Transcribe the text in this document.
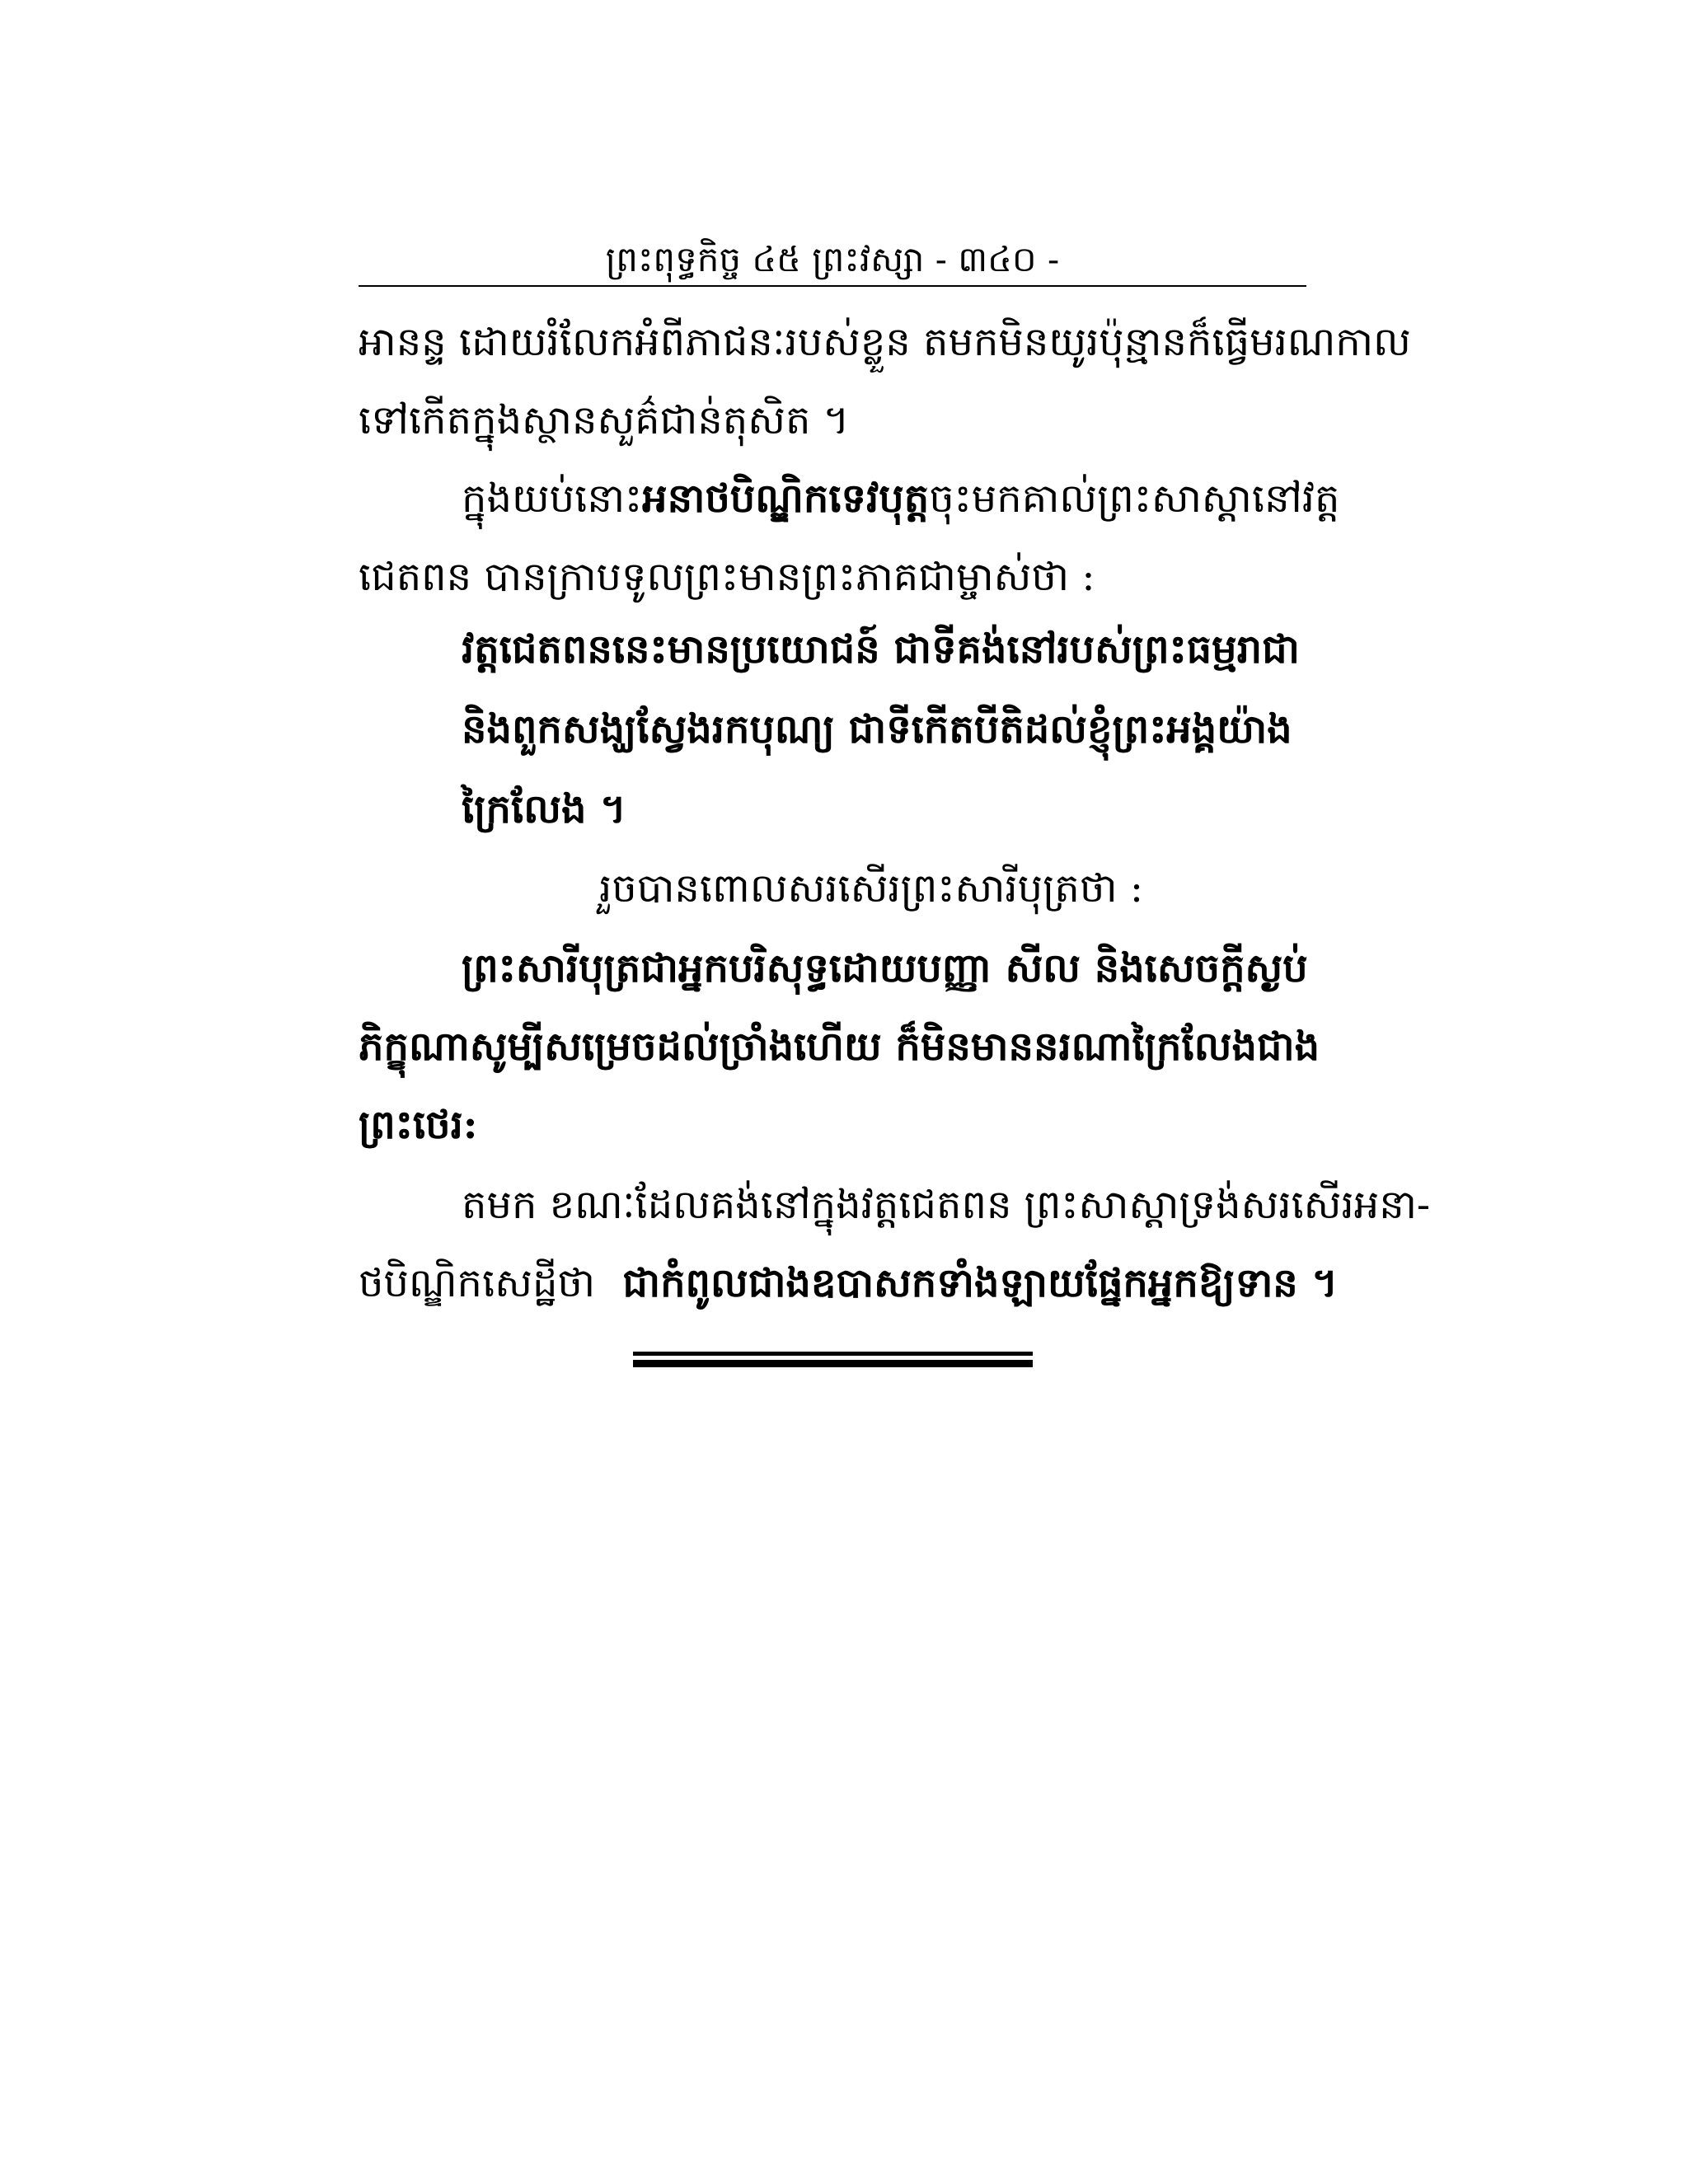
ព្រះពុទ្ធកិច្ច ៤៥ ព្រះវស្សា - ៣៤០ -
អានន្ទ ដោយរំលែកអំពីភាជនៈរបស់ខ្លួន តមកមិនយូរប៉ុន្មានក៏ធ្វើមរណកាល
ទៅកើតក្នុងស្ថានសួគ៌ជាន់តុសិត ។
ក្នុងយប់នោះ អនាថបិណ្ឌិកទេវបុត្ត ចុះមកគាល់ព្រះសាស្តានៅវត្ត
ជេតពន បានក្រាបទូលព្រះមានព្រះភាគជាម្ចាស់ថា :
វត្តជេតពននេះមានប្រយោជន៍ ជាទីគង់នៅរបស់ព្រះធម្មរាជា
និងពួកសង្ឃស្វែងរកបុណ្យ ជាទីកើតបីតិដល់ខ្ញុំព្រះអង្គយ៉ាង
ក្រៃលែង ។
រួចបានពោលសរសើរព្រះសារីបុត្រថា :
ព្រះសារីបុត្រជាអ្នកបរិសុទ្ធដោយបញ្ញា សីល និងសេចក្ដីស្ងប់
ភិក្ខុណាសូម្បីសម្រេចដល់ច្រាំងហើយ ក៏មិនមាននរណាក្រៃលែងជាង
ព្រះថេរ:
តមក ខណៈដែលគង់នៅក្នុងវត្តជេតពន ព្រះសាស្តាទ្រង់សរសើរអនា-
ថបិណ្ឌិកសេដ្ឋីថា ជាកំពូលជាងឧបាសកទាំងឡាយផ្នែកអ្នកឱ្យទាន ។
